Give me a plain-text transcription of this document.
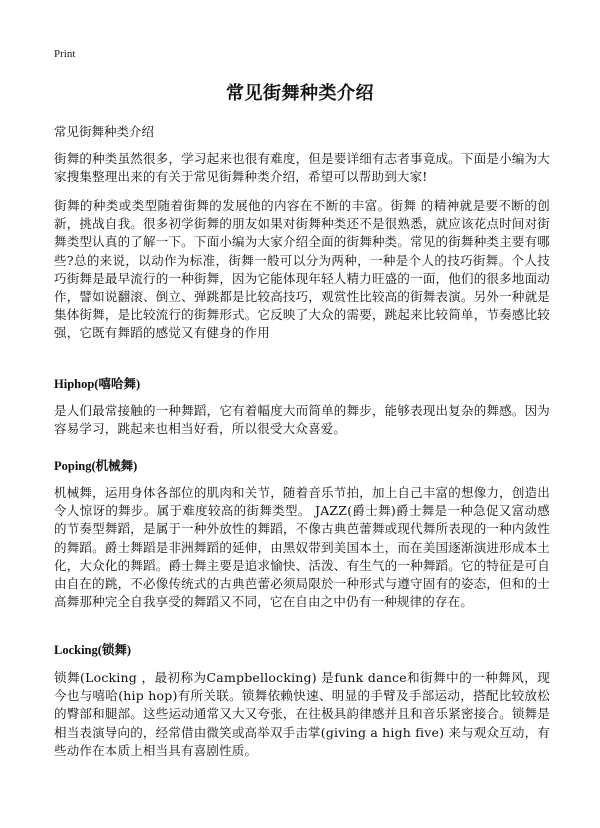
Print
常见街舞种类介绍

常见街舞种类介绍

街舞的种类虽然很多，学习起来也很有难度，但是要详细有志者事竟成。下面是小编为大家搜集整理出来的有关于常见街舞种类介绍，希望可以帮助到大家!

街舞的种类或类型随着街舞的发展他的内容在不断的丰富。街舞 的精神就是要不断的创新，挑战自我。很多初学街舞的朋友如果对街舞种类还不是很熟悉，就应该花点时间对街舞类型认真的了解一下。下面小编为大家介绍全面的街舞种类。常见的街舞种类主要有哪些?总的来说，以动作为标准，街舞一般可以分为两种，一种是个人的技巧街舞。个人技巧街舞是最早流行的一种街舞，因为它能体现年轻人精力旺盛的一面，他们的很多地面动作，譬如说翻滚、倒立、弹跳都是比较高技巧，观赏性比较高的街舞表演。另外一种就是集体街舞，是比较流行的街舞形式。它反映了大众的需要，跳起来比较简单，节奏感比较强，它既有舞蹈的感觉又有健身的作用

Hiphop(嘻哈舞)

是人们最常接触的一种舞蹈，它有着幅度大而简单的舞步，能够表现出复杂的舞感。因为容易学习，跳起来也相当好看，所以很受大众喜爱。

Poping(机械舞)

机械舞，运用身体各部位的肌肉和关节，随着音乐节拍，加上自己丰富的想像力，创造出令人惊讶的舞步。属于难度较高的街舞类型。 JAZZ(爵士舞)爵士舞是一种急促又富动感的节奏型舞蹈，是属于一种外放性的舞蹈，不像古典芭蕾舞或现代舞所表现的一种内敛性的舞蹈。爵士舞蹈是非洲舞蹈的延伸，由黑奴带到美国本土，而在美国逐渐演进形成本土化，大众化的舞蹈。爵士舞主要是追求愉快、活泼、有生气的一种舞蹈。它的特征是可自由自在的跳，不必像传统式的古典芭蕾必须局限於一种形式与遵守固有的姿态，但和的士高舞那种完全自我享受的舞蹈又不同，它在自由之中仍有一种规律的存在。

Locking(锁舞)

锁舞(Locking ，最初称为Campbellocking) 是funk dance和街舞中的一种舞风，现今也与嘻哈(hip hop)有所关联。锁舞依赖快速、明显的手臂及手部运动，搭配比较放松的臀部和腿部。这些运动通常又大又夸张，在往极具韵律感并且和音乐紧密接合。锁舞是相当表演导向的，经常借由微笑或高举双手击掌(giving a high five) 来与观众互动，有些动作在本质上相当具有喜剧性质。
